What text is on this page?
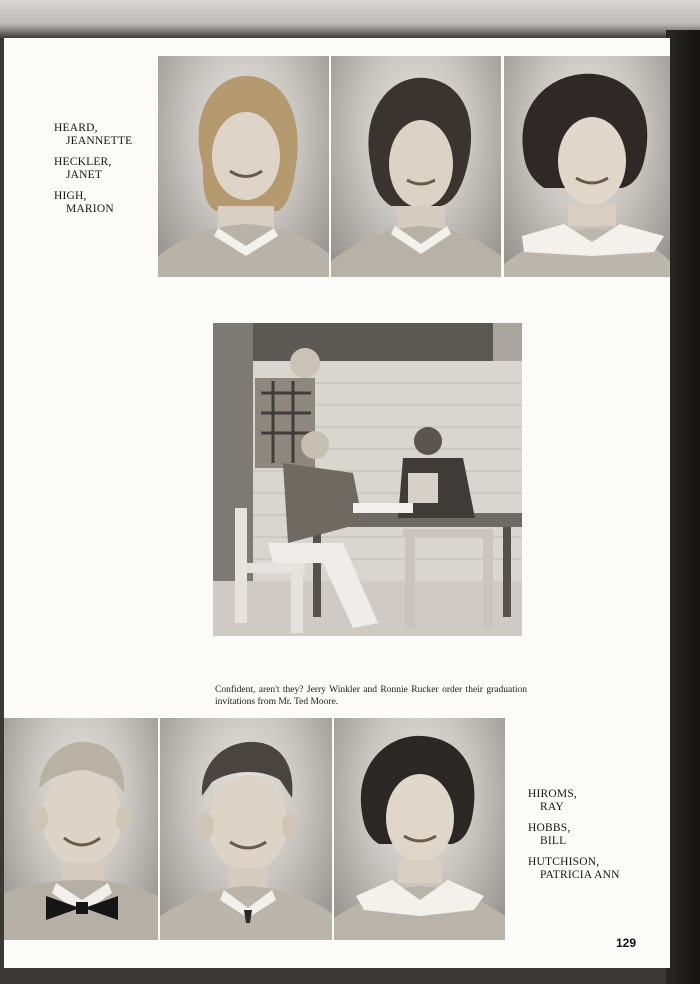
HEARD,
JEANNETTE
HECKLER,
JANET
HIGH,
MARION
Confident, aren't they? Jerry Winkler and Ronnie Rucker order their graduation invitations from Mr. Ted Moore.
HIROMS,
RAY
HOBBS,
BILL
HUTCHISON,
PATRICIA ANN
129
